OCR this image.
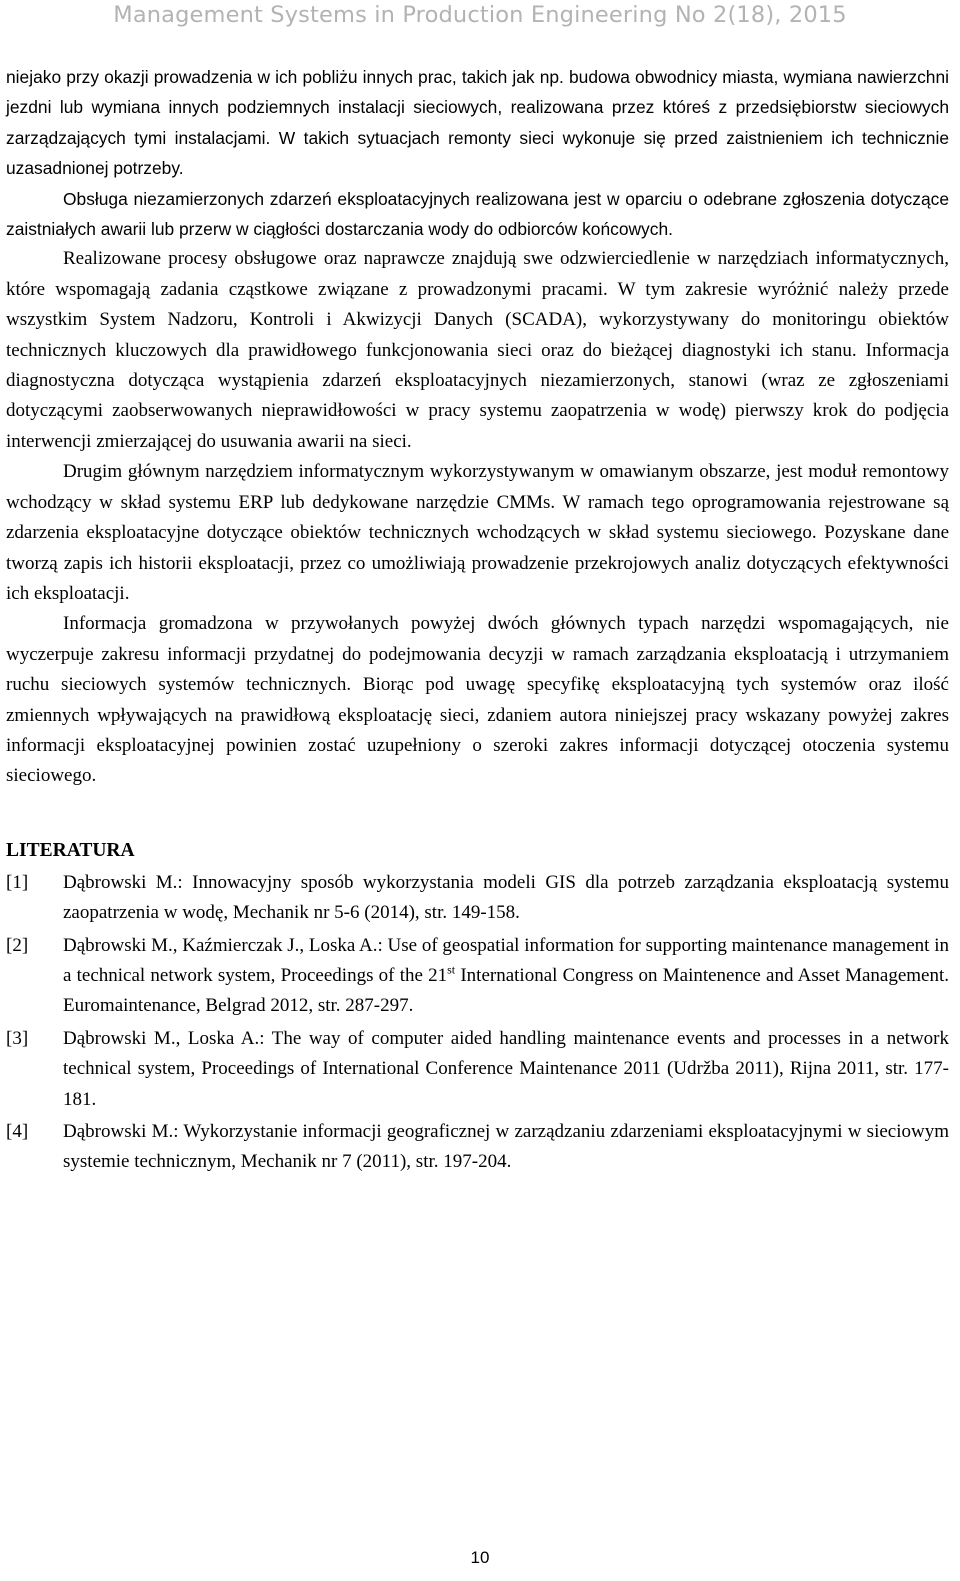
Management Systems in Production Engineering No 2(18), 2015

niejako przy okazji prowadzenia w ich pobliżu innych prac, takich jak np. budowa obwodnicy miasta, wymiana nawierzchni jezdni lub wymiana innych podziemnych instalacji sieciowych, realizowana przez któreś z przedsiębiorstw sieciowych zarządzających tymi instalacjami. W takich sytuacjach remonty sieci wykonuje się przed zaistnieniem ich technicznie uzasadnionej potrzeby.

Obsługa niezamierzonych zdarzeń eksploatacyjnych realizowana jest w oparciu o odebrane zgłoszenia dotyczące zaistniałych awarii lub przerw w ciągłości dostarczania wody do odbiorców końcowych.

Realizowane procesy obsługowe oraz naprawcze znajdują swe odzwierciedlenie w narzędziach informatycznych, które wspomagają zadania cząstkowe związane z prowadzonymi pracami. W tym zakresie wyróżnić należy przede wszystkim System Nadzoru, Kontroli i Akwizycji Danych (SCADA), wykorzystywany do monitoringu obiektów technicznych kluczowych dla prawidłowego funkcjonowania sieci oraz do bieżącej diagnostyki ich stanu. Informacja diagnostyczna dotycząca wystąpienia zdarzeń eksploatacyjnych niezamierzonych, stanowi (wraz ze zgłoszeniami dotyczącymi zaobserwowanych nieprawidłowości w pracy systemu zaopatrzenia w wodę) pierwszy krok do podjęcia interwencji zmierzającej do usuwania awarii na sieci.

Drugim głównym narzędziem informatycznym wykorzystywanym w omawianym obszarze, jest moduł remontowy wchodzący w skład systemu ERP lub dedykowane narzędzie CMMs. W ramach tego oprogramowania rejestrowane są zdarzenia eksploatacyjne dotyczące obiektów technicznych wchodzących w skład systemu sieciowego. Pozyskane dane tworzą zapis ich historii eksploatacji, przez co umożliwiają prowadzenie przekrojowych analiz dotyczących efektywności ich eksploatacji.

Informacja gromadzona w przywołanych powyżej dwóch głównych typach narzędzi wspomagających, nie wyczerpuje zakresu informacji przydatnej do podejmowania decyzji w ramach zarządzania eksploatacją i utrzymaniem ruchu sieciowych systemów technicznych. Biorąc pod uwagę specyfikę eksploatacyjną tych systemów oraz ilość zmiennych wpływających na prawidłową eksploatację sieci, zdaniem autora niniejszej pracy wskazany powyżej zakres informacji eksploatacyjnej powinien zostać uzupełniony o szeroki zakres informacji dotyczącej otoczenia systemu sieciowego.

LITERATURA
[1] Dąbrowski M.: Innowacyjny sposób wykorzystania modeli GIS dla potrzeb zarządzania eksploatacją systemu zaopatrzenia w wodę, Mechanik nr 5-6 (2014), str. 149-158.
[2] Dąbrowski M., Kaźmierczak J., Loska A.: Use of geospatial information for supporting maintenance management in a technical network system, Proceedings of the 21st International Congress on Maintenence and Asset Management. Euromaintenance, Belgrad 2012, str. 287-297.
[3] Dąbrowski M., Loska A.: The way of computer aided handling maintenance events and processes in a network technical system, Proceedings of International Conference Maintenance 2011 (Udržba 2011), Rijna 2011, str. 177-181.
[4] Dąbrowski M.: Wykorzystanie informacji geograficznej w zarządzaniu zdarzeniami eksploatacyjnymi w sieciowym systemie technicznym, Mechanik nr 7 (2011), str. 197-204.
10
